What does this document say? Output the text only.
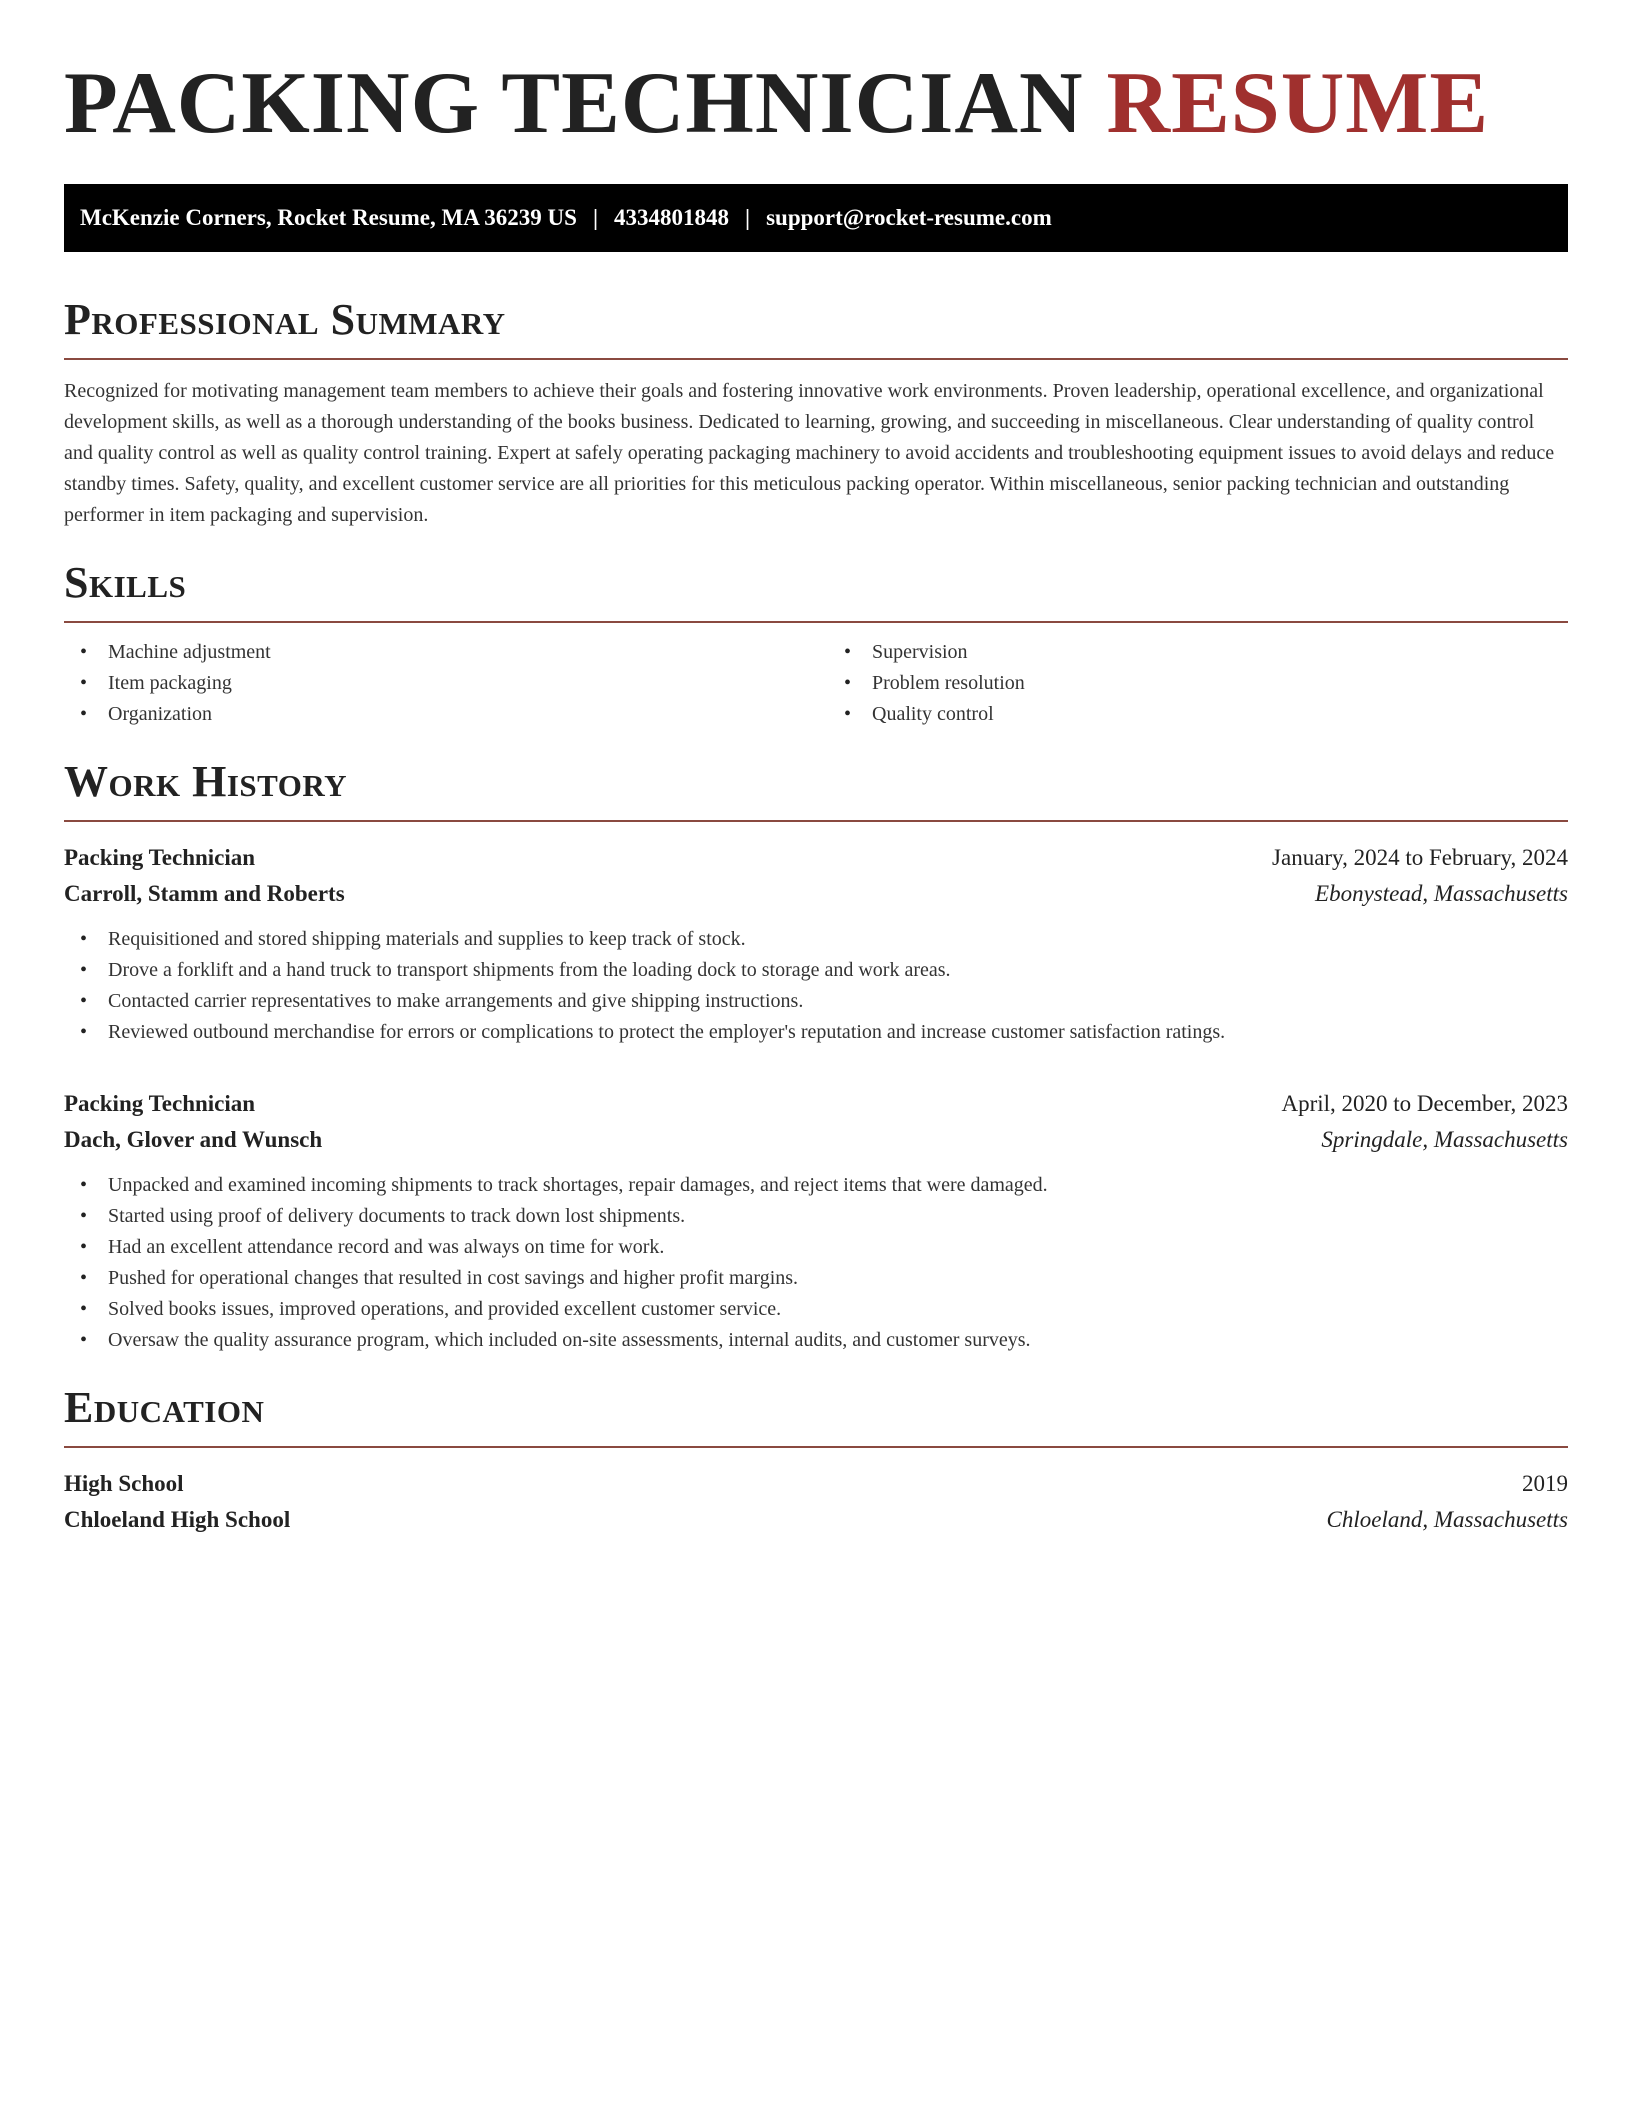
PACKING TECHNICIAN RESUME
McKenzie Corners, Rocket Resume, MA 36239 US | 4334801848 | support@rocket-resume.com
Professional Summary

Recognized for motivating management team members to achieve their goals and fostering innovative work environments. Proven leadership, operational excellence, and organizational development skills, as well as a thorough understanding of the books business. Dedicated to learning, growing, and succeeding in miscellaneous. Clear understanding of quality control and quality control as well as quality control training. Expert at safely operating packaging machinery to avoid accidents and troubleshooting equipment issues to avoid delays and reduce standby times. Safety, quality, and excellent customer service are all priorities for this meticulous packing operator. Within miscellaneous, senior packing technician and outstanding performer in item packaging and supervision.

Skills
• Machine adjustment
• Item packaging
• Organization
• Supervision
• Problem resolution
• Quality control
Work History
Packing Technician	January, 2024 to February, 2024
Carroll, Stamm and Roberts	Ebonystead, Massachusetts
• Requisitioned and stored shipping materials and supplies to keep track of stock.
• Drove a forklift and a hand truck to transport shipments from the loading dock to storage and work areas.
• Contacted carrier representatives to make arrangements and give shipping instructions.
• Reviewed outbound merchandise for errors or complications to protect the employer's reputation and increase customer satisfaction ratings.
Packing Technician	April, 2020 to December, 2023
Dach, Glover and Wunsch	Springdale, Massachusetts
• Unpacked and examined incoming shipments to track shortages, repair damages, and reject items that were damaged.
• Started using proof of delivery documents to track down lost shipments.
• Had an excellent attendance record and was always on time for work.
• Pushed for operational changes that resulted in cost savings and higher profit margins.
• Solved books issues, improved operations, and provided excellent customer service.
• Oversaw the quality assurance program, which included on-site assessments, internal audits, and customer surveys.
Education
High School	2019
Chloeland High School	Chloeland, Massachusetts
